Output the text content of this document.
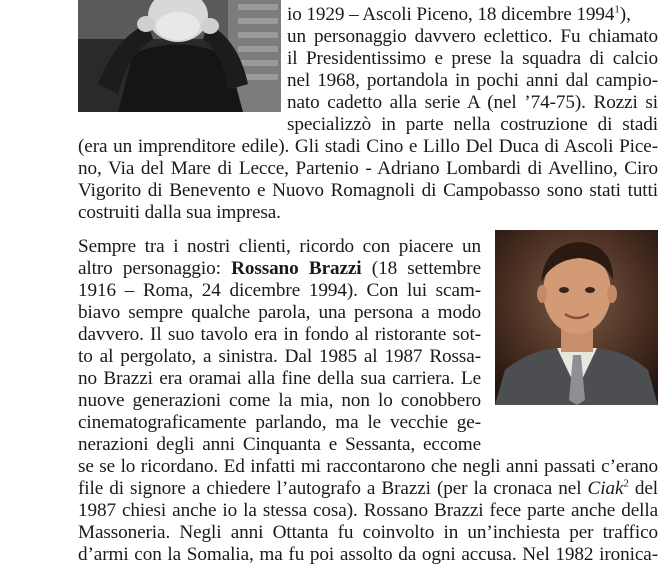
io 1929 – Ascoli Piceno, 18 dicembre 1994$^1$),
un personaggio davvero eclettico. Fu chiamato
il Presidentissimo e prese la squadra di calcio
nel 1968, portandola in pochi anni dal campio-
nato cadetto alla serie A (nel ’74-75). Rozzi si
specializzò in parte nella costruzione di stadi
(era un imprenditore edile). Gli stadi Cino e Lillo Del Duca di Ascoli Pice-
no, Via del Mare di Lecce, Partenio - Adriano Lombardi di Avellino, Ciro
Vigorito di Benevento e Nuovo Romagnoli di Campobasso sono stati tutti
costruiti dalla sua impresa.
Sempre tra i nostri clienti, ricordo con piacere un
altro personaggio: Rossano Brazzi (18 settembre
1916 – Roma, 24 dicembre 1994). Con lui scam-
biavo sempre qualche parola, una persona a modo
davvero. Il suo tavolo era in fondo al ristorante sot-
to al pergolato, a sinistra. Dal 1985 al 1987 Rossa-
no Brazzi era oramai alla fine della sua carriera. Le
nuove generazioni come la mia, non lo conobbero
cinematograficamente parlando, ma le vecchie ge-
nerazioni degli anni Cinquanta e Sessanta, eccome
se se lo ricordano. Ed infatti mi raccontarono che negli anni passati c’erano
file di signore a chiedere l’autografo a Brazzi (per la cronaca nel Ciak$^2$ del
1987 chiesi anche io la stessa cosa). Rossano Brazzi fece parte anche della
Massoneria. Negli anni Ottanta fu coinvolto in un’inchiesta per traffico
d’armi con la Somalia, ma fu poi assolto da ogni accusa. Nel 1982 ironica-
